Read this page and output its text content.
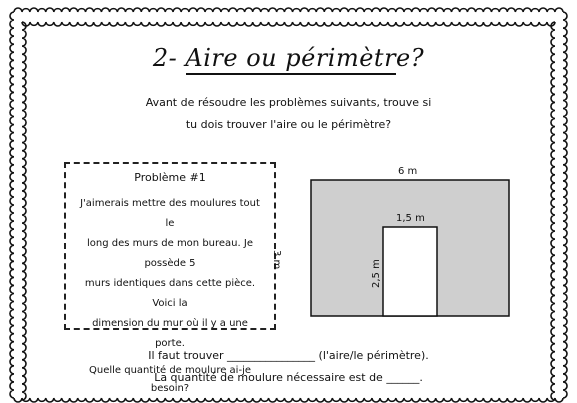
2- Aire ou périmètre?
Avant de résoudre les problèmes suivants, trouve si
tu dois trouver l'aire ou le périmètre?
Problème #1
J'aimerais mettre des moulures tout le
long des murs de mon bureau. Je possède 5
murs identiques dans cette pièce. Voici la
dimension du mur où il y a une porte.
Quelle quantité de moulure ai-je besoin?
6 m
3 m
1,5 m
2,5 m
Il faut trouver ________________ (l'aire/le périmètre).
La quantité de moulure nécessaire est de ______.
